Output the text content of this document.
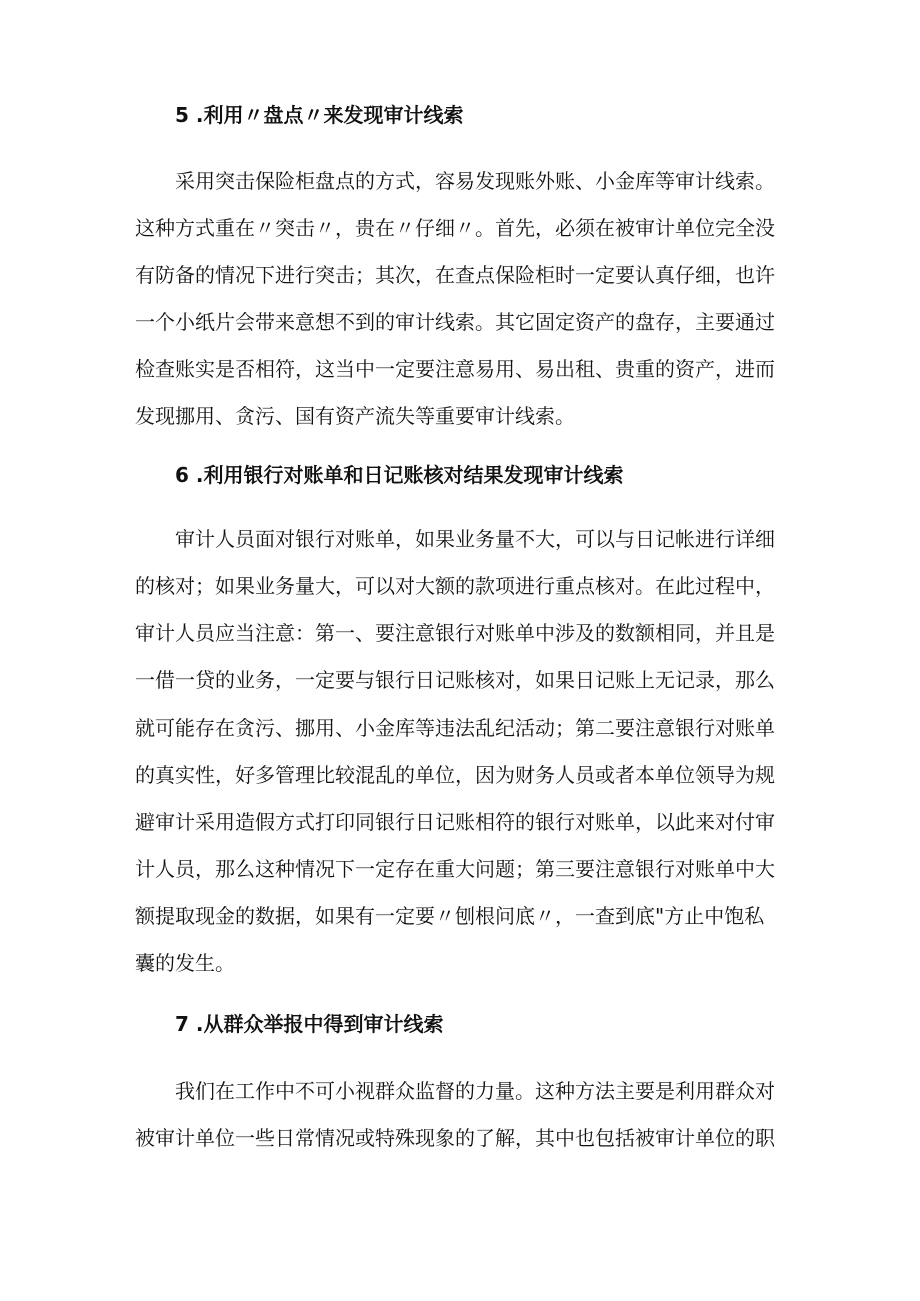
5 .利用〃盘点〃来发现审计线索

采用突击保险柜盘点的方式，容易发现账外账、小金库等审计线索。

这种方式重在〃突击〃，贵在〃仔细〃。首先，必须在被审计单位完全没

有防备的情况下进行突击；其次，在查点保险柜时一定要认真仔细，也许

一个小纸片会带来意想不到的审计线索。其它固定资产的盘存，主要通过

检查账实是否相符，这当中一定要注意易用、易出租、贵重的资产，进而

发现挪用、贪污、国有资产流失等重要审计线索。

6 .利用银行对账单和日记账核对结果发现审计线索

审计人员面对银行对账单，如果业务量不大，可以与日记帐进行详细

的核对；如果业务量大，可以对大额的款项进行重点核对。在此过程中，

审计人员应当注意：第一、要注意银行对账单中涉及的数额相同，并且是

一借一贷的业务，一定要与银行日记账核对，如果日记账上无记录，那么

就可能存在贪污、挪用、小金库等违法乱纪活动；第二要注意银行对账单

的真实性，好多管理比较混乱的单位，因为财务人员或者本单位领导为规

避审计采用造假方式打印同银行日记账相符的银行对账单，以此来对付审

计人员，那么这种情况下一定存在重大问题；第三要注意银行对账单中大

额提取现金的数据，如果有一定要〃刨根问底〃，一查到底"方止中饱私

囊的发生。

7 .从群众举报中得到审计线索

我们在工作中不可小视群众监督的力量。这种方法主要是利用群众对

被审计单位一些日常情况或特殊现象的了解，其中也包括被审计单位的职
